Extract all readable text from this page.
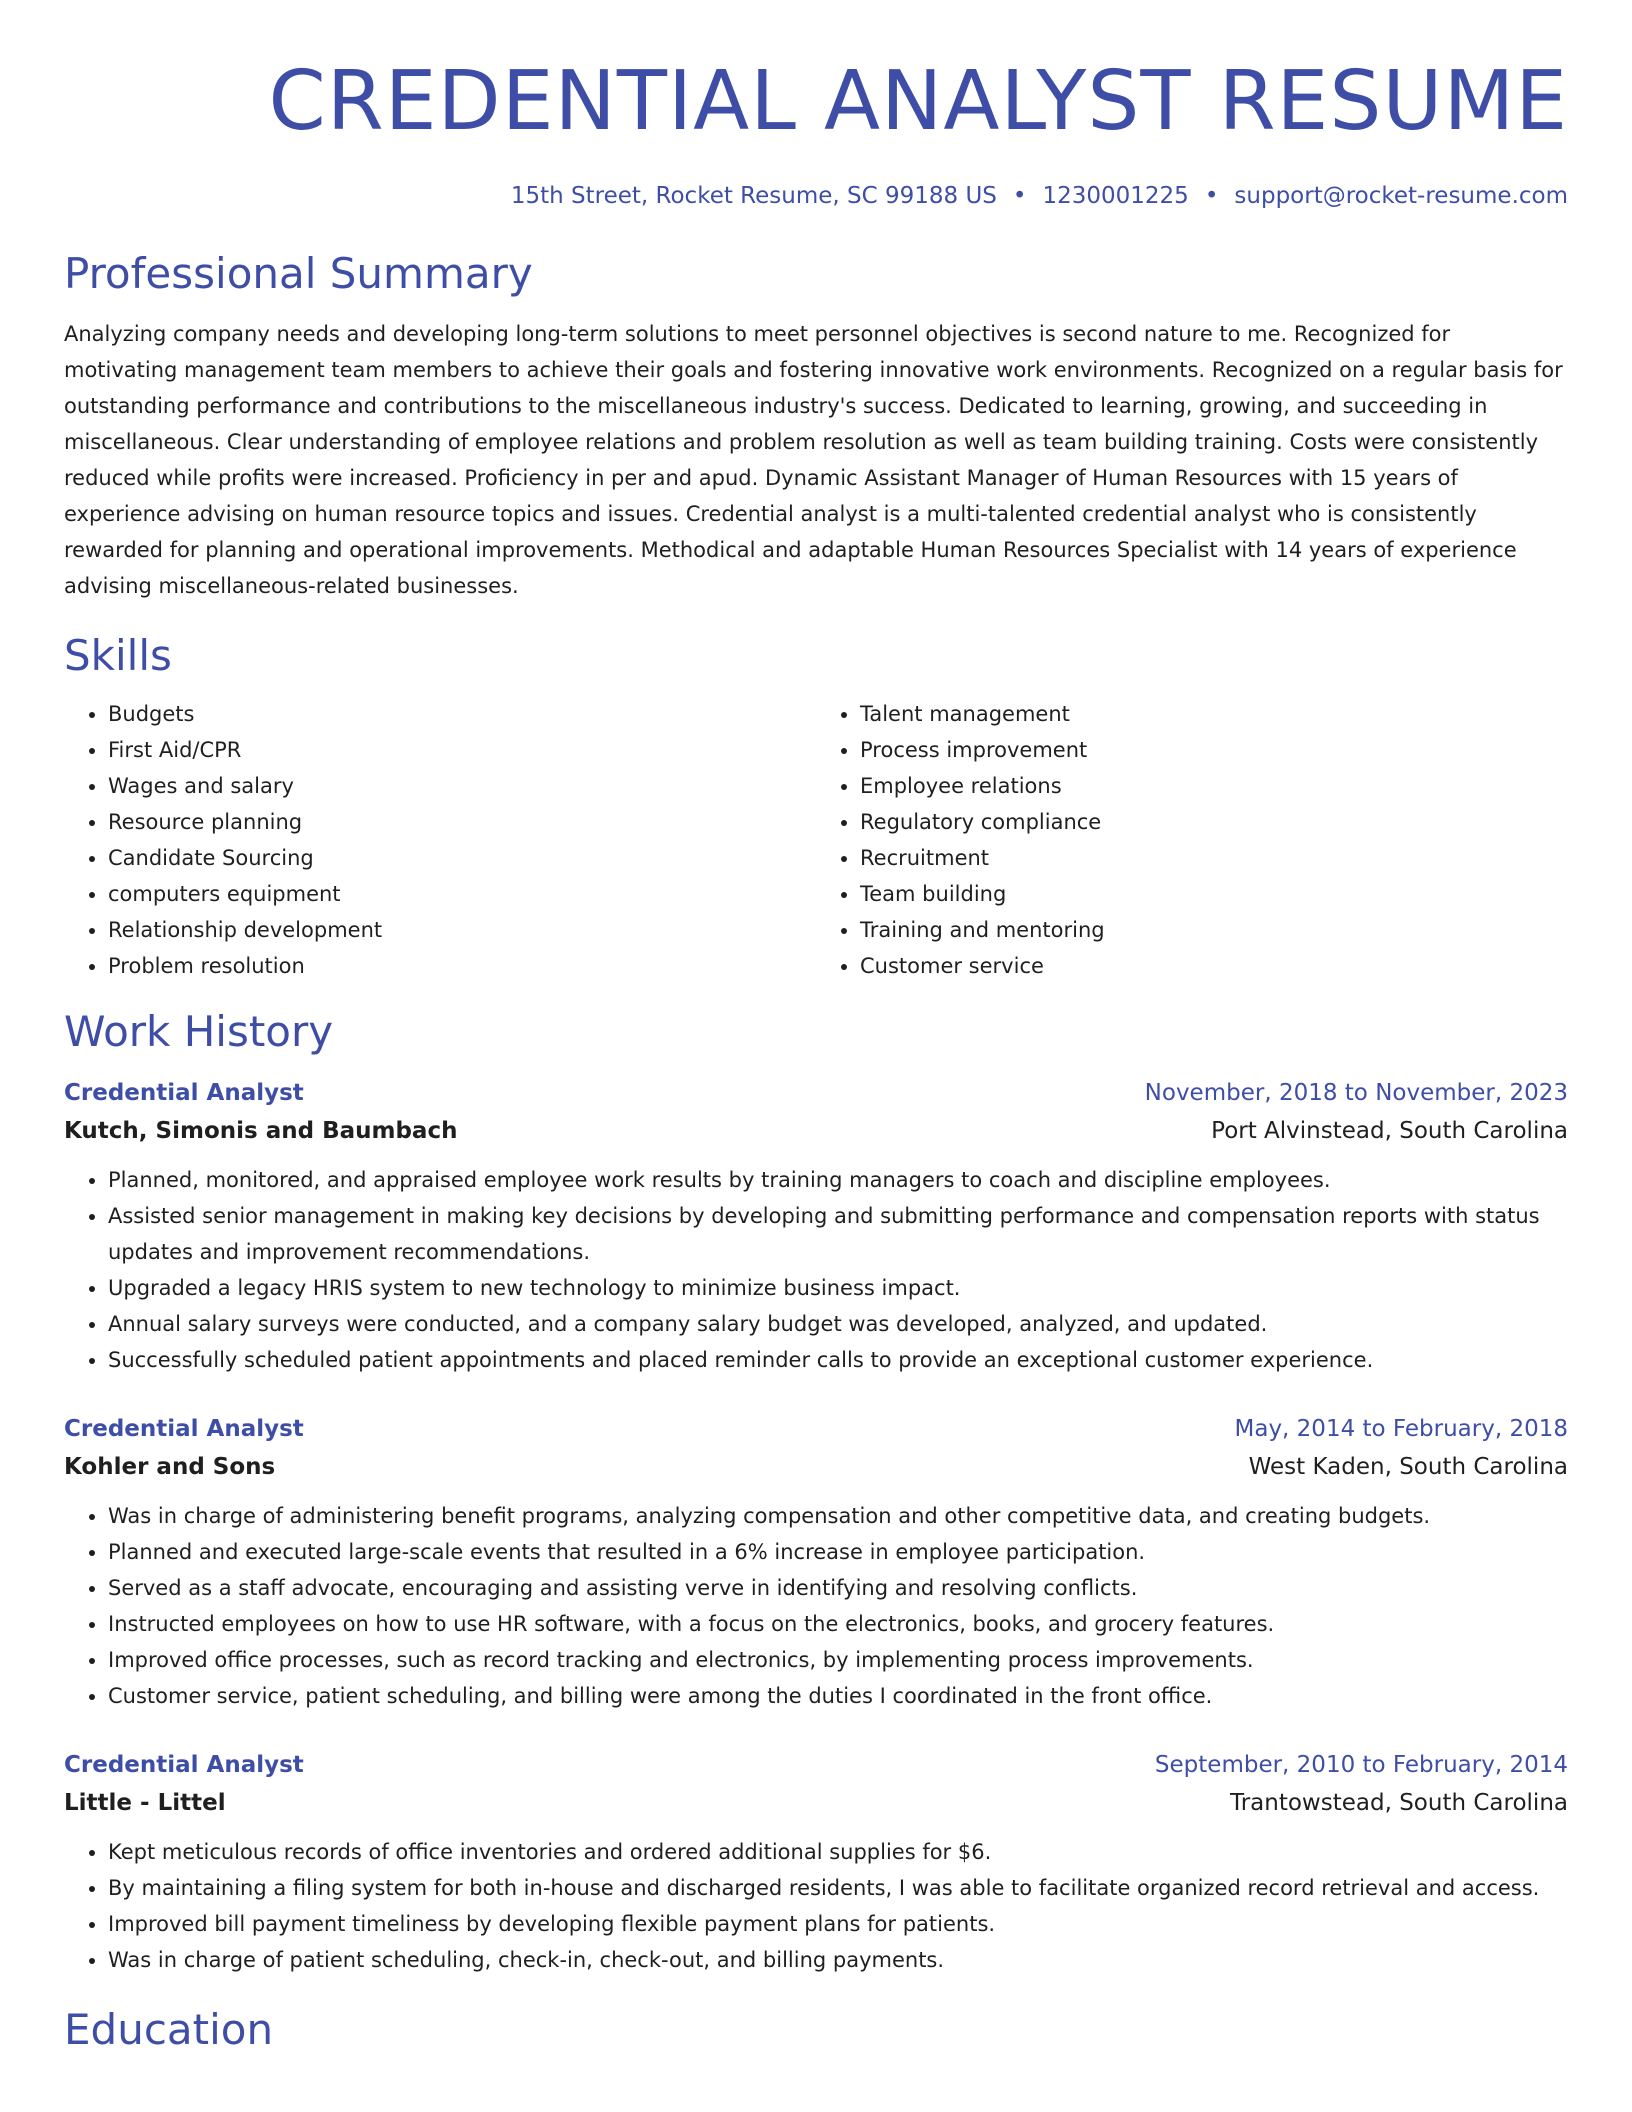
CREDENTIAL ANALYST RESUME
15th Street, Rocket Resume, SC 99188 US • 1230001225 • support@rocket-resume.com
Professional Summary
Analyzing company needs and developing long-term solutions to meet personnel objectives is second nature to me. Recognized for motivating management team members to achieve their goals and fostering innovative work environments. Recognized on a regular basis for outstanding performance and contributions to the miscellaneous industry's success. Dedicated to learning, growing, and succeeding in miscellaneous. Clear understanding of employee relations and problem resolution as well as team building training. Costs were consistently reduced while profits were increased. Proficiency in per and apud. Dynamic Assistant Manager of Human Resources with 15 years of experience advising on human resource topics and issues. Credential analyst is a multi-talented credential analyst who is consistently rewarded for planning and operational improvements. Methodical and adaptable Human Resources Specialist with 14 years of experience advising miscellaneous-related businesses.
Skills
• Budgets
• First Aid/CPR
• Wages and salary
• Resource planning
• Candidate Sourcing
• computers equipment
• Relationship development
• Problem resolution
• Talent management
• Process improvement
• Employee relations
• Regulatory compliance
• Recruitment
• Team building
• Training and mentoring
• Customer service
Work History
Credential Analyst	November, 2018 to November, 2023
Kutch, Simonis and Baumbach	Port Alvinstead, South Carolina
• Planned, monitored, and appraised employee work results by training managers to coach and discipline employees.
• Assisted senior management in making key decisions by developing and submitting performance and compensation reports with status updates and improvement recommendations.
• Upgraded a legacy HRIS system to new technology to minimize business impact.
• Annual salary surveys were conducted, and a company salary budget was developed, analyzed, and updated.
• Successfully scheduled patient appointments and placed reminder calls to provide an exceptional customer experience.
Credential Analyst	May, 2014 to February, 2018
Kohler and Sons	West Kaden, South Carolina
• Was in charge of administering benefit programs, analyzing compensation and other competitive data, and creating budgets.
• Planned and executed large-scale events that resulted in a 6% increase in employee participation.
• Served as a staff advocate, encouraging and assisting verve in identifying and resolving conflicts.
• Instructed employees on how to use HR software, with a focus on the electronics, books, and grocery features.
• Improved office processes, such as record tracking and electronics, by implementing process improvements.
• Customer service, patient scheduling, and billing were among the duties I coordinated in the front office.
Credential Analyst	September, 2010 to February, 2014
Little - Littel	Trantowstead, South Carolina
• Kept meticulous records of office inventories and ordered additional supplies for $6.
• By maintaining a filing system for both in-house and discharged residents, I was able to facilitate organized record retrieval and access.
• Improved bill payment timeliness by developing flexible payment plans for patients.
• Was in charge of patient scheduling, check-in, check-out, and billing payments.
Education
